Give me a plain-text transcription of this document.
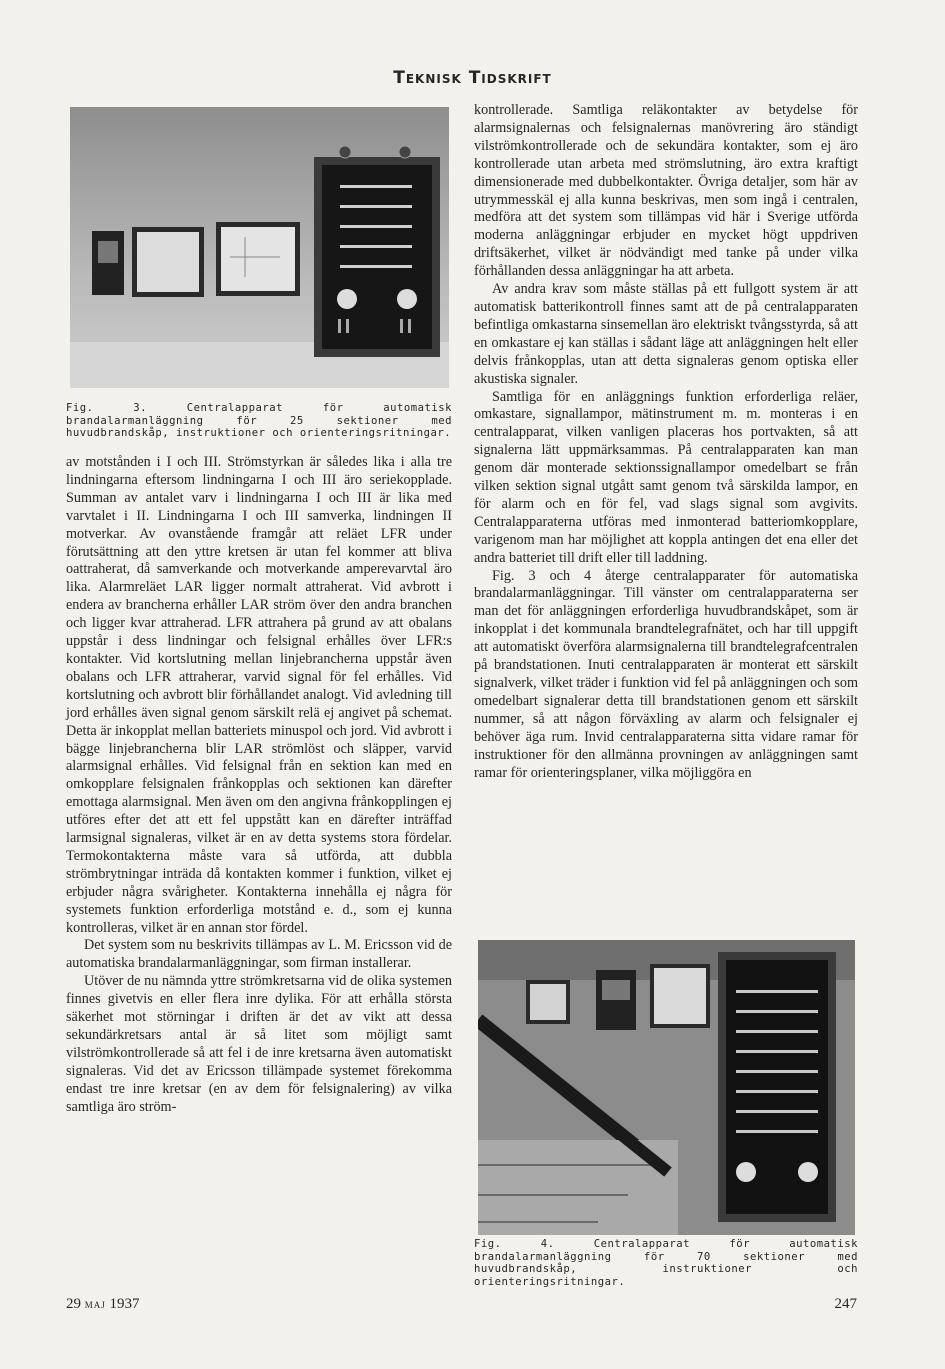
Teknisk Tidskrift
Fig. 3. Centralapparat för automatisk brandalarmanläggning för 25 sektioner med huvudbrandskåp, instruktioner och orienteringsritningar.

av motstånden i I och III. Strömstyrkan är således lika i alla tre lindningarna eftersom lindningarna I och III äro seriekopplade. Summan av antalet varv i lindningarna I och III är lika med varvtalet i II. Lindningarna I och III samverka, lindningen II motverkar. Av ovanstående framgår att reläet LFR under förutsättning att den yttre kretsen är utan fel kommer att bliva oattraherat, då samverkande och motverkande amperevarvtal äro lika. Alarmreläet LAR ligger normalt attraherat. Vid avbrott i endera av brancherna erhåller LAR ström över den andra branchen och ligger kvar attraherad. LFR attrahera på grund av att obalans uppstår i dess lindningar och felsignal erhålles över LFR:s kontakter. Vid kortslutning mellan linjebrancherna uppstår även obalans och LFR attraherar, varvid signal för fel erhålles. Vid kortslutning och avbrott blir förhållandet analogt. Vid avledning till jord erhålles även signal genom särskilt relä ej angivet på schemat. Detta är inkopplat mellan batteriets minuspol och jord. Vid avbrott i bägge linjebrancherna blir LAR strömlöst och släpper, varvid alarmsignal erhålles. Vid felsignal från en sektion kan med en omkopplare felsignalen frånkopplas och sektionen kan därefter emottaga alarmsignal. Men även om den angivna frånkopplingen ej utföres efter det att ett fel uppstått kan en därefter inträffad larmsignal signaleras, vilket är en av detta systems stora fördelar. Termokontakterna måste vara så utförda, att dubbla strömbrytningar inträda då kontakten kommer i funktion, vilket ej erbjuder några svårigheter. Kontakterna innehålla ej några för systemets funktion erforderliga motstånd e. d., som ej kunna kontrolleras, vilket är en annan stor fördel.

Det system som nu beskrivits tillämpas av L. M. Ericsson vid de automatiska brandalarmanläggningar, som firman installerar.

Utöver de nu nämnda yttre strömkretsarna vid de olika systemen finnes givetvis en eller flera inre dylika. För att erhålla största säkerhet mot störningar i driften är det av vikt att dessa sekundärkretsars antal är så litet som möjligt samt vilströmkontrollerade så att fel i de inre kretsarna även automatiskt signaleras. Vid det av Ericsson tillämpade systemet förekomma endast tre inre kretsar (en av dem för felsignalering) av vilka samtliga äro ström-

kontrollerade. Samtliga reläkontakter av betydelse för alarmsignalernas och felsignalernas manövrering äro ständigt vilströmkontrollerade och de sekundära kontakter, som ej äro kontrollerade utan arbeta med strömslutning, äro extra kraftigt dimensionerade med dubbelkontakter. Övriga detaljer, som här av utrymmesskäl ej alla kunna beskrivas, men som ingå i centralen, medföra att det system som tillämpas vid här i Sverige utförda moderna anläggningar erbjuder en mycket högt uppdriven driftsäkerhet, vilket är nödvändigt med tanke på under vilka förhållanden dessa anläggningar ha att arbeta.

Av andra krav som måste ställas på ett fullgott system är att automatisk batterikontroll finnes samt att de på centralapparaten befintliga omkastarna sinsemellan äro elektriskt tvångsstyrda, så att en omkastare ej kan ställas i sådant läge att anläggningen helt eller delvis frånkopplas, utan att detta signaleras genom optiska eller akustiska signaler.

Samtliga för en anläggnings funktion erforderliga reläer, omkastare, signallampor, mätinstrument m. m. monteras i en centralapparat, vilken vanligen placeras hos portvakten, så att signalerna lätt uppmärksammas. På centralapparaten kan man genom där monterade sektionssignallampor omedelbart se från vilken sektion signal utgått samt genom två särskilda lampor, en för alarm och en för fel, vad slags signal som avgivits. Centralapparaterna utföras med inmonterad batteriomkopplare, varigenom man har möjlighet att koppla antingen det ena eller det andra batteriet till drift eller till laddning.

Fig. 3 och 4 återge centralapparater för automatiska brandalarmanläggningar. Till vänster om centralapparaterna ser man det för anläggningen erforderliga huvudbrandskåpet, som är inkopplat i det kommunala brandtelegrafnätet, och har till uppgift att automatiskt överföra alarmsignalerna till brandtelegrafcentralen på brandstationen. Inuti centralapparaten är monterat ett särskilt signalverk, vilket träder i funktion vid fel på anläggningen och som omedelbart signalerar detta till brandstationen genom ett särskilt nummer, så att någon förväxling av alarm och felsignaler ej behöver äga rum. Invid centralapparaterna sitta vidare ramar för instruktioner för den allmänna provningen av anläggningen samt ramar för orienteringsplaner, vilka möjliggöra en

Fig. 4. Centralapparat för automatisk brandalarmanläggning för 70 sektioner med huvudbrandskåp, instruktioner och orienteringsritningar.
29 maj 1937	247
